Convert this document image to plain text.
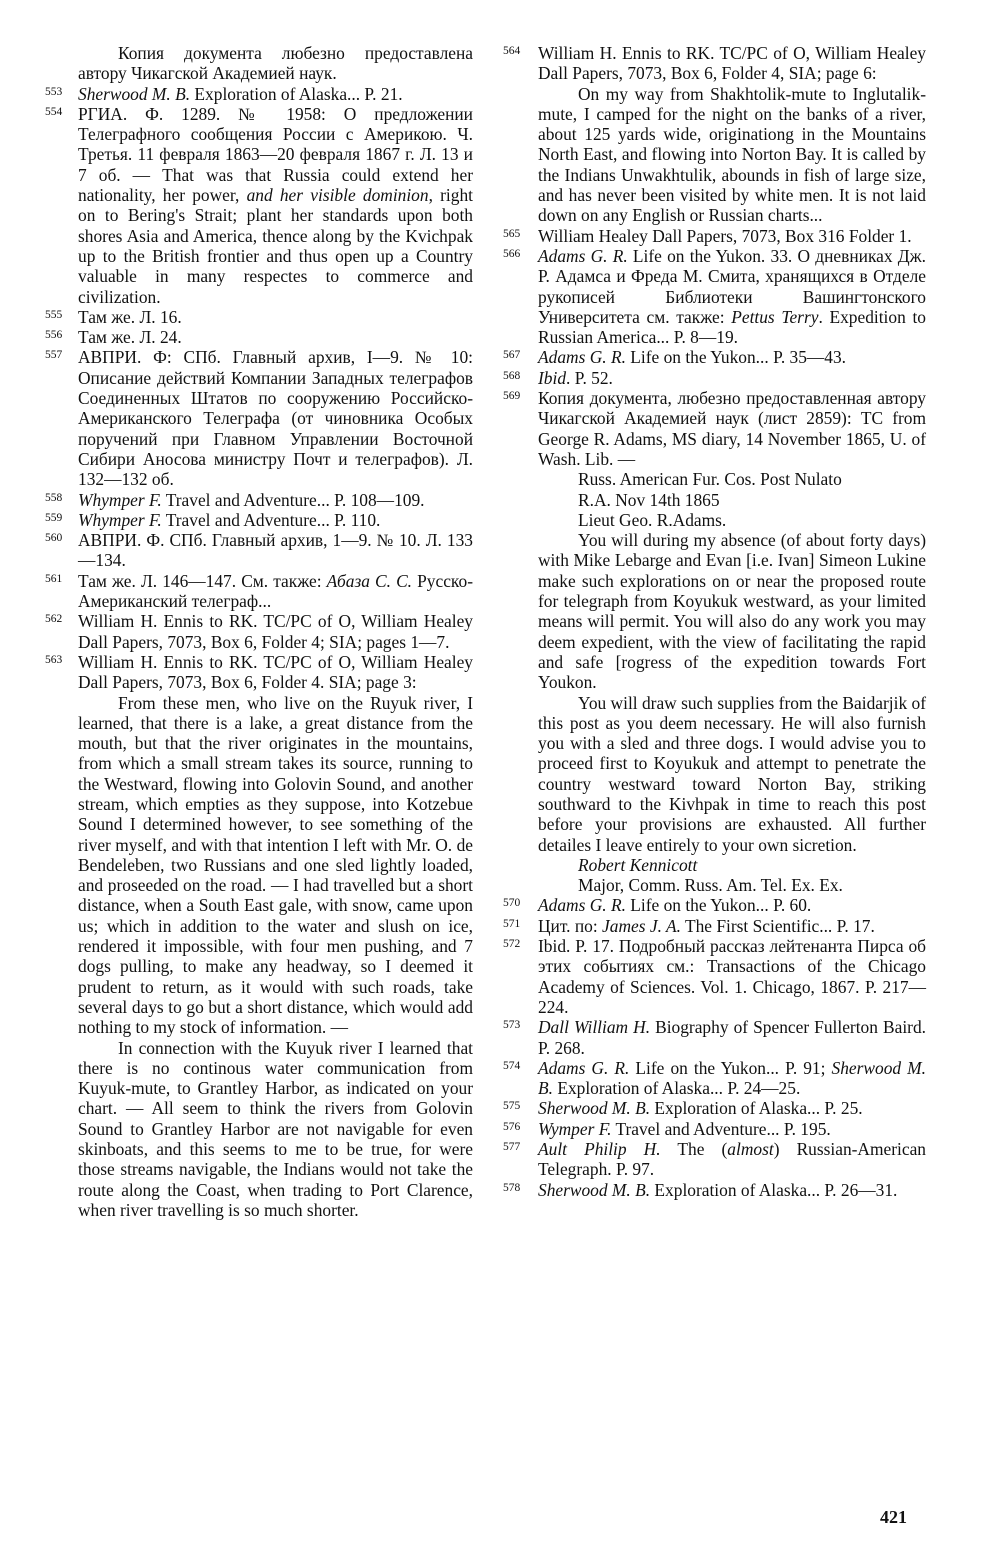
Копия документа любезно предоставлена автору Чикагской Академией наук.
553 Sherwood M. B. Exploration of Alaska... P. 21.
554 РГИА. Ф. 1289. № 1958: О предложении Телеграфного сообщения России с Америкою. Ч. Третья. 11 февраля 1863—20 февраля 1867 г. Л. 13 и 7 об. — That was that Russia could extend her nationality, her power, and her visible dominion, right on to Bering's Strait; plant her standards upon both shores Asia and America, thence along by the Kvichpak up to the British frontier and thus open up a Country valuable in many respectes to commerce and civilization.
555 Там же. Л. 16.
556 Там же. Л. 24.
557 АВПРИ. Ф: СПб. Главный архив, I—9. № 10: Описание действий Компании Западных телеграфов Соединенных Штатов по сооружению Российско-Американского Телеграфа (от чиновника Особых поручений при Главном Управлении Восточной Сибири Аносова министру Почт и телеграфов). Л. 132—132 об.
558 Whymper F. Travel and Adventure... P. 108—109.
559 Whymper F. Travel and Adventure... P. 110.
560 АВПРИ. Ф. СПб. Главный архив, 1—9. № 10. Л. 133—134.
561 Там же. Л. 146—147. См. также: Абаза С. С. Русско-Американский телеграф...
562 William H. Ennis to RK. TC/PC of O, William Healey Dall Papers, 7073, Box 6, Folder 4; SIA; pages 1—7.
563 William H. Ennis to RK. TC/PC of O, William Healey Dall Papers, 7073, Box 6, Folder 4. SIA; page 3:
From these men, who live on the Ruyuk river, I learned, that there is a lake, a great distance from the mouth, but that the river originates in the mountains, from which a small stream takes its source, running to the Westward, flowing into Golovin Sound, and another stream, which empties as they suppose, into Kotzebue Sound I determined however, to see something of the river myself, and with that intention I left with Mr. O. de Bendeleben, two Russians and one sled lightly loaded, and proseeded on the road. — I had travelled but a short distance, when a South East gale, with snow, came upon us; which in addition to the water and slush on ice, rendered it impossible, with four men pushing, and 7 dogs pulling, to make any headway, so I deemed it prudent to return, as it would with such roads, take several days to go but a short distance, which would add nothing to my stock of information. —
In connection with the Kuyuk river I learned that there is no continous water communication from Kuyuk-mute, to Grantley Harbor, as indicated on your chart. — All seem to think the rivers from Golovin Sound to Grantley Harbor are not navigable for even skinboats, and this seems to me to be true, for were those streams navigable, the Indians would not take the route along the Coast, when trading to Port Clarence, when river travelling is so much shorter.
564 William H. Ennis to RK. TC/PC of O, William Healey Dall Papers, 7073, Box 6, Folder 4, SIA; page 6:
On my way from Shakhtolik-mute to Inglutalik-mute, I camped for the night on the banks of a river, about 125 yards wide, originationg in the Mountains North East, and flowing into Norton Bay. It is called by the Indians Unwakhtulik, abounds in fish of large size, and has never been visited by white men. It is not laid down on any English or Russian charts...
565 William Healey Dall Papers, 7073, Box 316 Folder 1.
566 Adams G. R. Life on the Yukon. 33. О дневниках Дж. Р. Адамса и Фреда М. Смита, хранящихся в Отделе рукописей Библиотеки Вашингтонского Университета см. также: Pettus Terry. Expedition to Russian America... P. 8—19.
567 Adams G. R. Life on the Yukon... P. 35—43.
568 Ibid. P. 52.
569 Копия документа, любезно предоставленная автору Чикагской Академией наук (лист 2859): TC from George R. Adams, MS diary, 14 November 1865, U. of Wash. Lib. —
Russ. American Fur. Cos. Post Nulato
R.A. Nov 14th 1865
Lieut Geo. R.Adams.
You will during my absence (of about forty days) with Mike Lebarge and Evan [i.e. Ivan] Simeon Lukine make such explorations on or near the proposed route for telegraph from Koyukuk westward, as your limited means will permit. You will also do any work you may deem expedient, with the view of facilitating the rapid and safe [rogress of the expedition towards Fort Youkon.
You will draw such supplies from the Baidarjik of this post as you deem necessary. He will also furnish you with a sled and three dogs. I would advise you to proceed first to Koyukuk and attempt to penetrate the country westward toward Norton Bay, striking southward to the Kivhpak in time to reach this post before your provisions are exhausted. All further detailes I leave entirely to your own sicretion.
Robert Kennicott
Major, Comm. Russ. Am. Tel. Ex. Ex.
570 Adams G. R. Life on the Yukon... P. 60.
571 Цит. по: James J. A. The First Scientific... P. 17.
572 Ibid. P. 17. Подробный рассказ лейтенанта Пирса об этих событиях см.: Transactions of the Chicago Academy of Sciences. Vol. 1. Chicago, 1867. P. 217—224.
573 Dall William H. Biography of Spencer Fullerton Baird. P. 268.
574 Adams G. R. Life on the Yukon... P. 91; Sherwood M. B. Exploration of Alaska... P. 24—25.
575 Sherwood M. B. Exploration of Alaska... P. 25.
576 Wymper F. Travel and Adventure... P. 195.
577 Ault Philip H. The (almost) Russian-American Telegraph. P. 97.
578 Sherwood M. B. Exploration of Alaska... P. 26—31.
421
